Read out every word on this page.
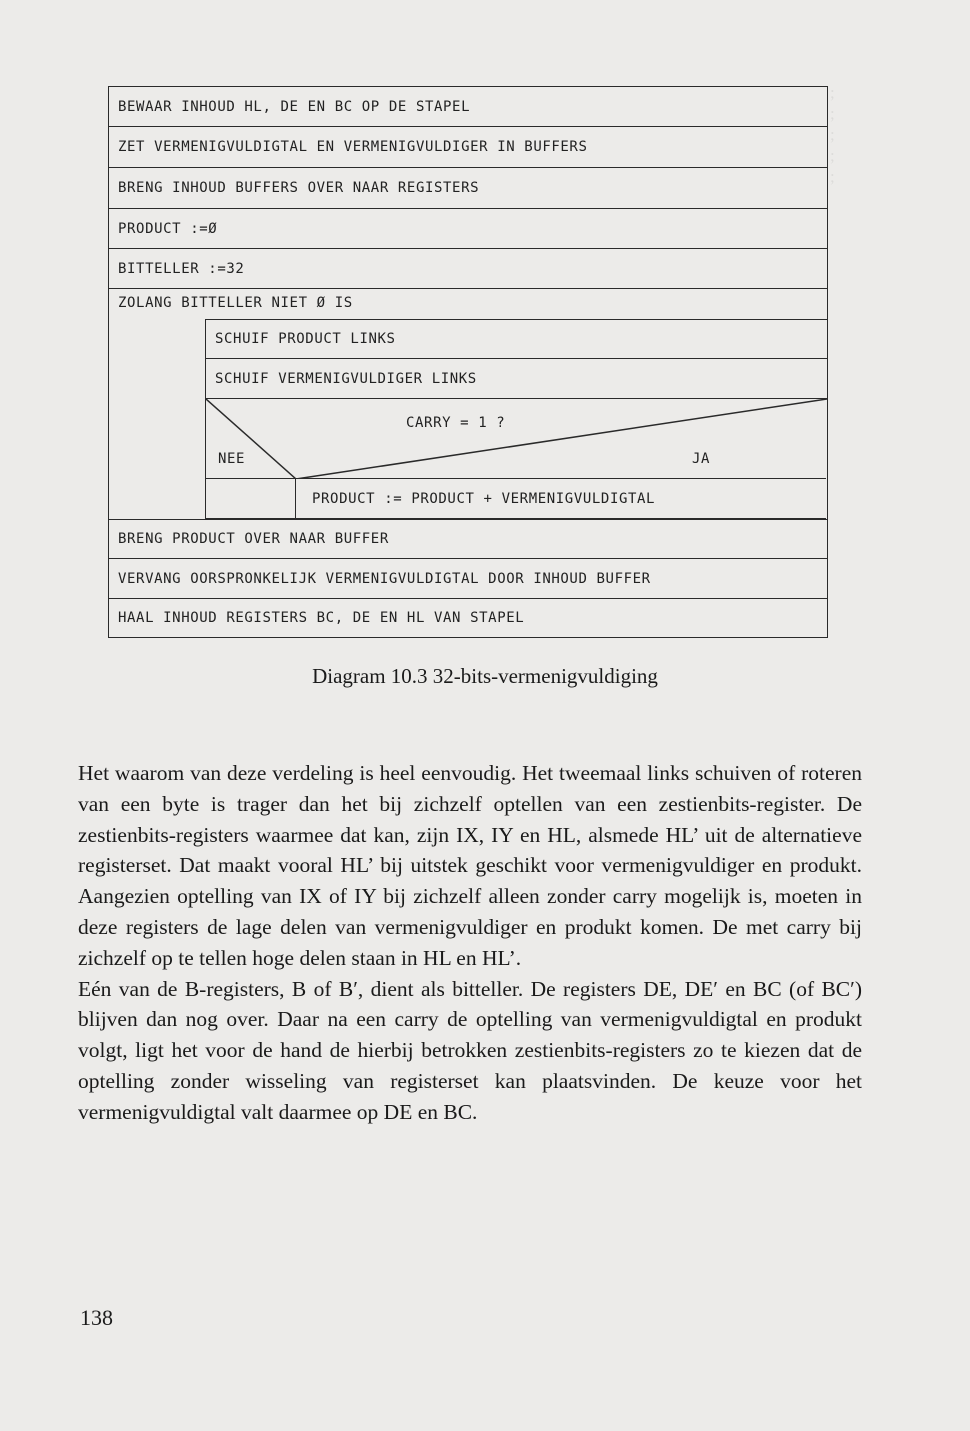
;
;
;
;
;

BEWAAR INHOUD HL, DE EN BC OP DE STAPEL
ZET VERMENIGVULDIGTAL EN VERMENIGVULDIGER IN BUFFERS
BRENG INHOUD BUFFERS OVER NAAR REGISTERS
PRODUCT :=Ø
BITTELLER :=32
ZOLANG BITTELLER NIET Ø IS
SCHUIF PRODUCT LINKS
SCHUIF VERMENIGVULDIGER LINKS
CARRY = 1 ?
NEE	JA
PRODUCT := PRODUCT + VERMENIGVULDIGTAL
BRENG PRODUCT OVER NAAR BUFFER
VERVANG OORSPRONKELIJK VERMENIGVULDIGTAL DOOR INHOUD BUFFER
HAAL INHOUD REGISTERS BC, DE EN HL VAN STAPEL
Diagram 10.3 32-bits-vermenigvuldiging

Het waarom van deze verdeling is heel eenvoudig. Het tweemaal links schuiven of roteren van een byte is trager dan het bij zichzelf optellen van een zestienbits-register. De zestienbits-registers waarmee dat kan, zijn IX, IY en HL, alsmede HL’ uit de alternatieve registerset. Dat maakt vooral HL’ bij uitstek geschikt voor vermenigvuldiger en produkt. Aangezien optelling van IX of IY bij zichzelf alleen zonder carry mogelijk is, moeten in deze registers de lage delen van vermenigvuldiger en produkt komen. De met carry bij zichzelf op te tellen hoge delen staan in HL en HL’.

Eén van de B-registers, B of B′, dient als bitteller. De registers DE, DE′ en BC (of BC′) blijven dan nog over. Daar na een carry de optelling van vermenigvuldigtal en produkt volgt, ligt het voor de hand de hierbij betrokken zestienbits-registers zo te kiezen dat de optelling zonder wisseling van registerset kan plaatsvinden. De keuze voor het vermenigvuldigtal valt daarmee op DE en BC.

138
